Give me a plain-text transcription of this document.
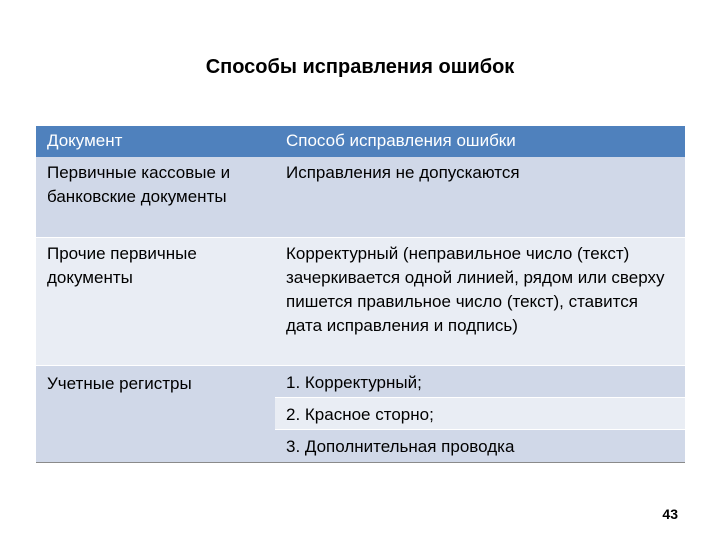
Способы исправления ошибок
Документ	Способ исправления ошибки
Первичные кассовые и банковские документы
Исправления не допускаются
Прочие первичные документы
Корректурный (неправильное число (текст) зачеркивается одной линией, рядом или сверху пишется правильное число (текст), ставится дата исправления и подпись)
Учетные регистры	1. Корректурный;
2. Красное сторно;
3. Дополнительная проводка
43
